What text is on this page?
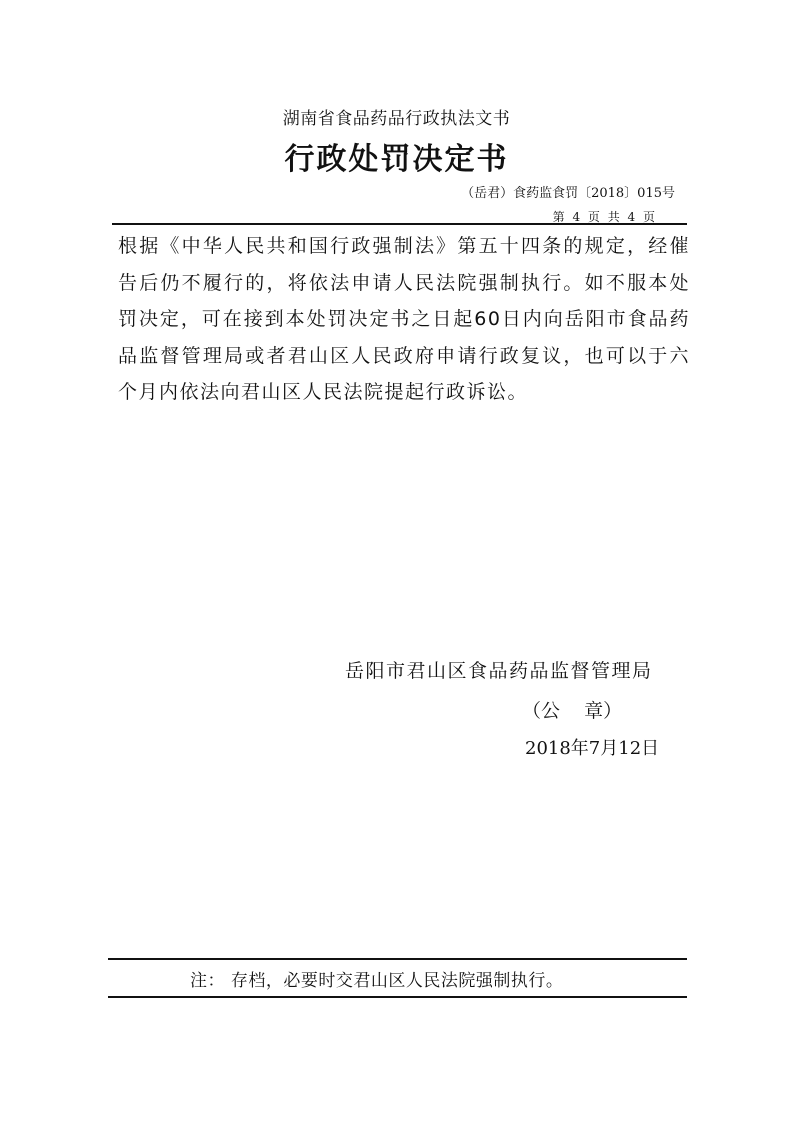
湖南省食品药品行政执法文书
行政处罚决定书
（岳君）食药监食罚〔2018〕015号
第 4 页 共 4 页

根据《中华人民共和国行政强制法》第五十四条的规定，经催告后仍不履行的，将依法申请人民法院强制执行。如不服本处罚决定，可在接到本处罚决定书之日起60日内向岳阳市食品药品监督管理局或者君山区人民政府申请行政复议，也可以于六个月内依法向君山区人民法院提起行政诉讼。

岳阳市君山区食品药品监督管理局
（公    章）
2018年7月12日
注： 存档，必要时交君山区人民法院强制执行。
